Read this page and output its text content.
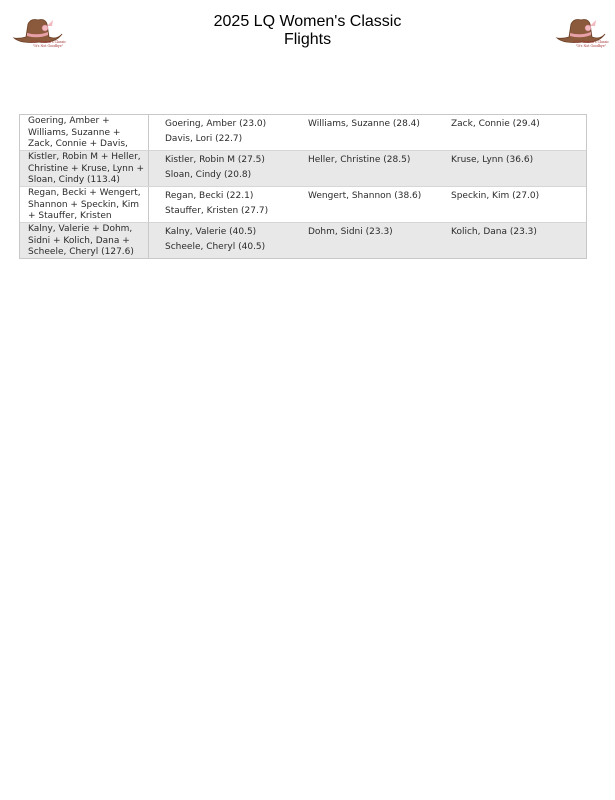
2025 Women's Classic
"It's Not Goodbye"
2025 Women's Classic
"It's Not Goodbye"
2025 LQ Women's Classic
Flights
Goering, Amber + Williams, Suzanne + Zack, Connie + Davis,
Goering, Amber (23.0)	Williams, Suzanne (28.4)	Zack, Connie (29.4)
Davis, Lori (22.7)
Kistler, Robin M + Heller, Christine + Kruse, Lynn + Sloan, Cindy (113.4)
Kistler, Robin M (27.5)	Heller, Christine (28.5)	Kruse, Lynn (36.6)
Sloan, Cindy (20.8)
Regan, Becki + Wengert, Shannon + Speckin, Kim + Stauffer, Kristen
Regan, Becki (22.1)	Wengert, Shannon (38.6)	Speckin, Kim (27.0)
Stauffer, Kristen (27.7)
Kalny, Valerie + Dohm, Sidni + Kolich, Dana + Scheele, Cheryl (127.6)
Kalny, Valerie (40.5)	Dohm, Sidni (23.3)	Kolich, Dana (23.3)
Scheele, Cheryl (40.5)
